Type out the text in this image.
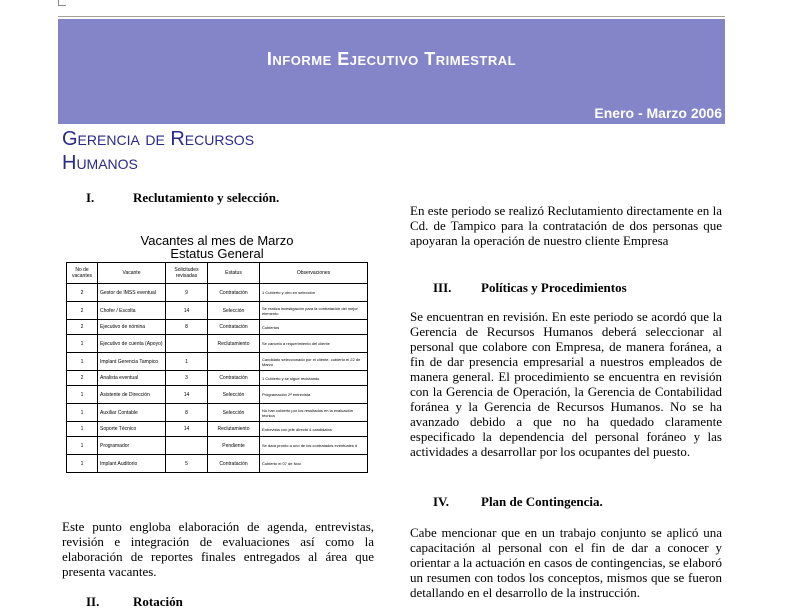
Informe Ejecutivo Trimestral
Enero - Marzo 2006
Gerencia de Recursos
Humanos
I.	Reclutamiento y selección.
Vacantes al mes de Marzo
Estatus General
No de vacantes	Vacante	Solicitudes revisadas	Estatus	Observaciones
2	Gestor de IMSS eventual	9	Contratación	1 Cubierto y otro en selección
2	Chofer / Escolta	14	Selección	Se realiza investigación para la contratación del mejor elemento
2	Ejecutivo de nómina	8	Contratación	Cubiertos
1	Ejecutivo de cuenta (Apoyo)		Reclutamiento	Se canceló a requerimiento del cliente
1	Implant Gerencia Tampico	1		Candidato seleccionado por el cliente, cubierto el 22 de Marzo
2	Analista eventual	3	Contratación	1 Cubierto y se sigue reclutando
1	Asistente de Dirección	14	Selección	Programación 2ª entrevista
1	Auxiliar Contable	8	Selección	No han cubierto por los resultados en la evaluación técnica
1	Soporte Técnico	14	Reclutamiento	Entrevista con jefe directo 4 candidatos
1	Programador		Pendiente	Se dará pronto a uno de los contratados eventuales #
1	Implant Auditorio	5	Contratación	Cubierto el 07 de Nov.
Este punto engloba elaboración de agenda, entrevistas, revisión e integración de evaluaciones así como la elaboración de reportes finales entregados al área que presenta vacantes.
II.	Rotación
En este periodo se realizó Reclutamiento directamente en la Cd. de Tampico para la contratación de dos personas que apoyaran la operación de nuestro cliente Empresa
III. Políticas y Procedimientos
Se encuentran en revisión. En este periodo se acordó que la Gerencia de Recursos Humanos deberá seleccionar al personal que colabore con Empresa, de manera foránea, a fin de dar presencia empresarial a nuestros empleados de manera general. El procedimiento se encuentra en revisión con la Gerencia de Operación, la Gerencia de Contabilidad foránea y la Gerencia de Recursos Humanos. No se ha avanzado debido a que no ha quedado claramente especificado la dependencia del personal foráneo y las actividades a desarrollar por los ocupantes del puesto.
IV. Plan de Contingencia.
Cabe mencionar que en un trabajo conjunto se aplicó una capacitación al personal con el fin de dar a conocer y orientar a la actuación en casos de contingencias, se elaboró un resumen con todos los conceptos, mismos que se fueron detallando en el desarrollo de la instrucción.
